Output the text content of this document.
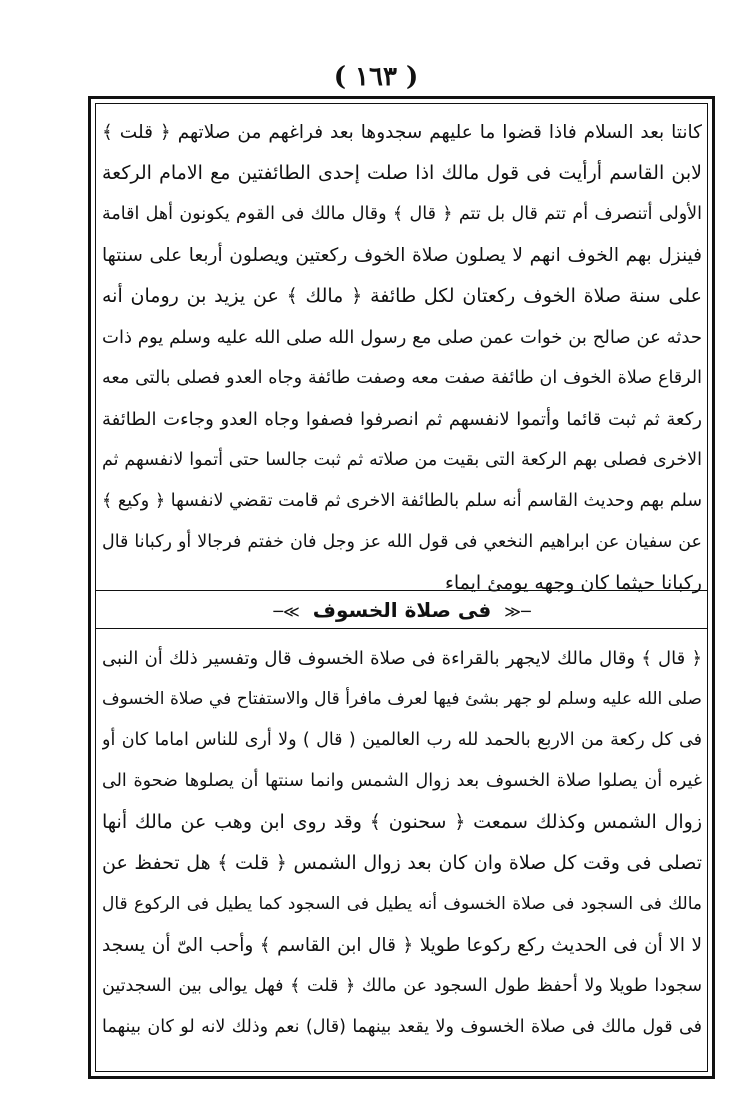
( ١٦٣ )
كانتا بعد السلام فاذا قضوا ما عليهم سجدوها بعد فراغهم من صلاتهم ﴿ قلت ﴾
لابن القاسم أرأيت فى قول مالك اذا صلت إحدى الطائفتين مع الامام الركعة
الأولى أتنصرف أم تتم قال بل تتم ﴿ قال ﴾ وقال مالك فى القوم يكونون أهل اقامة
فينزل بهم الخوف انهم لا يصلون صلاة الخوف ركعتين ويصلون أربعا على سنتها
على سنة صلاة الخوف ركعتان لكل طائفة ﴿ مالك ﴾ عن يزيد بن رومان أنه
حدثه عن صالح بن خوات عمن صلى مع رسول الله صلى الله عليه وسلم يوم ذات
الرقاع صلاة الخوف ان طائفة صفت معه وصفت طائفة وجاه العدو فصلى بالتى معه
ركعة ثم ثبت قائما وأتموا لانفسهم ثم انصرفوا فصفوا وجاه العدو وجاءت الطائفة
الاخرى فصلى بهم الركعة التى بقيت من صلاته ثم ثبت جالسا حتى أتموا لانفسهم ثم
سلم بهم وحديث القاسم أنه سلم بالطائفة الاخرى ثم قامت تقضي لانفسها ﴿ وكيع ﴾
عن سفيان عن ابراهيم النخعي فى قول الله عز وجل فان خفتم فرجالا أو ركبانا قال
ركبانا حيثما كان وجهه يومئ ايماء
─≪ فى صلاة الخسوف ≫─
﴿ قال ﴾ وقال مالك لايجهر بالقراءة فى صلاة الخسوف قال وتفسير ذلك أن النبى
صلى الله عليه وسلم لو جهر بشئ فيها لعرف مافرأ قال والاستفتاح في صلاة الخسوف
فى كل ركعة من الاربع بالحمد لله رب العالمين ( قال ) ولا أرى للناس اماما كان أو
غيره أن يصلوا صلاة الخسوف بعد زوال الشمس وانما سنتها أن يصلوها ضحوة الى
زوال الشمس وكذلك سمعت ﴿ سحنون ﴾ وقد روى ابن وهب عن مالك أنها
تصلى فى وقت كل صلاة وان كان بعد زوال الشمس ﴿ قلت ﴾ هل تحفظ عن
مالك فى السجود فى صلاة الخسوف أنه يطيل فى السجود كما يطيل فى الركوع قال
لا الا أن فى الحديث ركع ركوعا طويلا ﴿ قال ابن القاسم ﴾ وأحب الىّ أن يسجد
سجودا طويلا ولا أحفظ طول السجود عن مالك ﴿ قلت ﴾ فهل يوالى بين السجدتين
فى قول مالك فى صلاة الخسوف ولا يقعد بينهما (قال) نعم وذلك لانه لو كان بينهما
